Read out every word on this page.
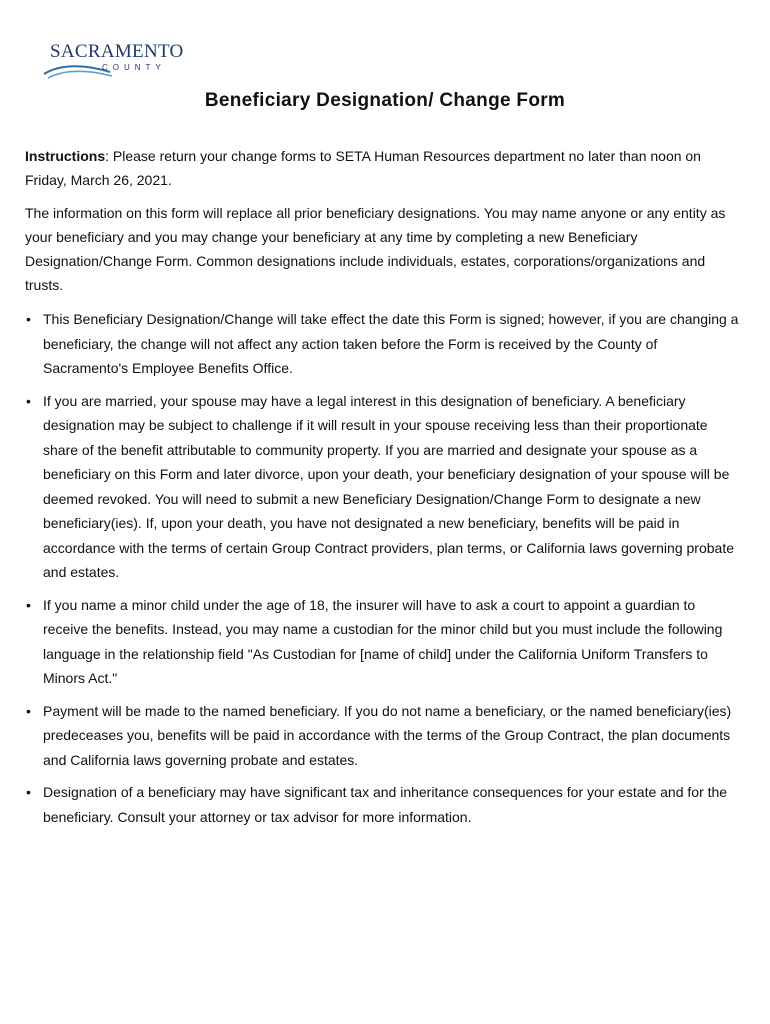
SACRAMENTO
COUNTY
Beneficiary Designation/ Change Form
Instructions: Please return your change forms to SETA Human Resources department no later than noon on Friday, March 26, 2021.
The information on this form will replace all prior beneficiary designations. You may name anyone or any entity as your beneficiary and you may change your beneficiary at any time by completing a new Beneficiary Designation/Change Form. Common designations include individuals, estates, corporations/organizations and trusts.
• This Beneficiary Designation/Change will take effect the date this Form is signed; however, if you are changing a beneficiary, the change will not affect any action taken before the Form is received by the County of Sacramento's Employee Benefits Office.
• If you are married, your spouse may have a legal interest in this designation of beneficiary. A beneficiary designation may be subject to challenge if it will result in your spouse receiving less than their proportionate share of the benefit attributable to community property. If you are married and designate your spouse as a beneficiary on this Form and later divorce, upon your death, your beneficiary designation of your spouse will be deemed revoked. You will need to submit a new Beneficiary Designation/Change Form to designate a new beneficiary(ies). If, upon your death, you have not designated a new beneficiary, benefits will be paid in accordance with the terms of certain Group Contract providers, plan terms, or California laws governing probate and estates.
• If you name a minor child under the age of 18, the insurer will have to ask a court to appoint a guardian to receive the benefits. Instead, you may name a custodian for the minor child but you must include the following language in the relationship field "As Custodian for [name of child] under the California Uniform Transfers to Minors Act."
• Payment will be made to the named beneficiary. If you do not name a beneficiary, or the named beneficiary(ies) predeceases you, benefits will be paid in accordance with the terms of the Group Contract, the plan documents and California laws governing probate and estates.
• Designation of a beneficiary may have significant tax and inheritance consequences for your estate and for the beneficiary. Consult your attorney or tax advisor for more information.
